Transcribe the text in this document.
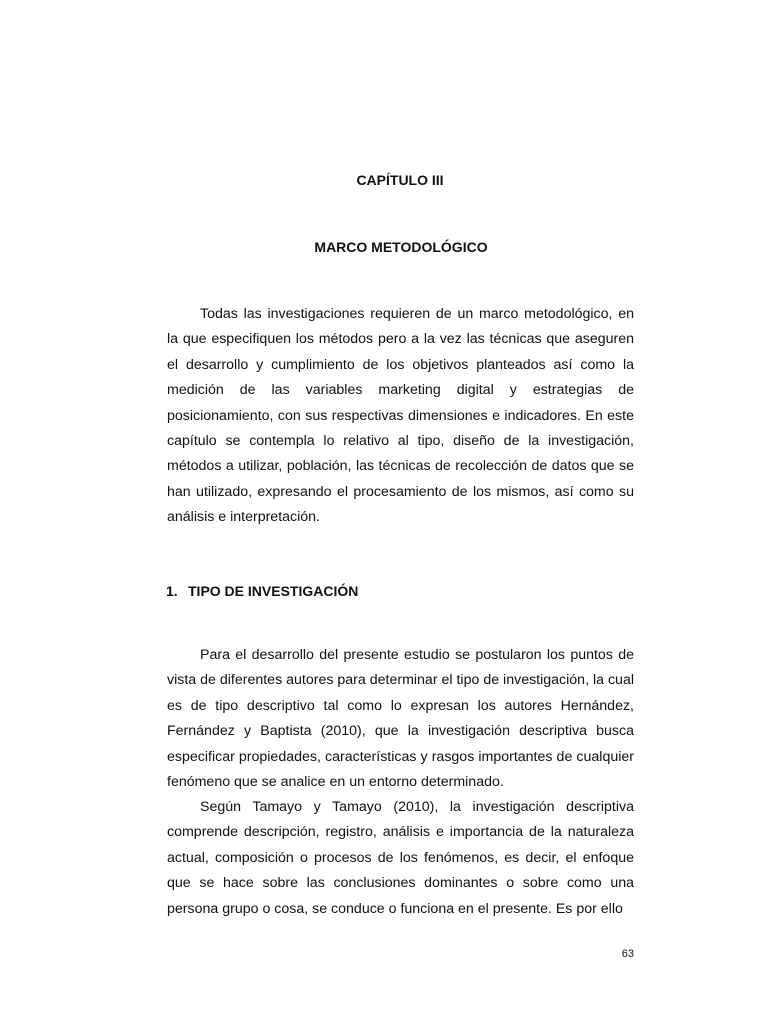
CAPÍTULO III
MARCO METODOLÓGICO

Todas las investigaciones requieren de un marco metodológico, en la que especifiquen los métodos pero a la vez las técnicas que aseguren el desarrollo y cumplimiento de los objetivos planteados así como la medición de las variables marketing digital y estrategias de posicionamiento, con sus respectivas dimensiones e indicadores. En este capítulo se contempla lo relativo al tipo, diseño de la investigación, métodos a utilizar, población, las técnicas de recolección de datos que se han utilizado, expresando el procesamiento de los mismos, así como su análisis e interpretación.

1. TIPO DE INVESTIGACIÓN

Para el desarrollo del presente estudio se postularon los puntos de vista de diferentes autores para determinar el tipo de investigación, la cual es de tipo descriptivo tal como lo expresan los autores Hernández, Fernández y Baptista (2010), que la investigación descriptiva busca especificar propiedades, características y rasgos importantes de cualquier fenómeno que se analice en un entorno determinado.

Según Tamayo y Tamayo (2010), la investigación descriptiva comprende descripción, registro, análisis e importancia de la naturaleza actual, composición o procesos de los fenómenos, es decir, el enfoque que se hace sobre las conclusiones dominantes o sobre como una persona grupo o cosa, se conduce o funciona en el presente. Es por ello

63
